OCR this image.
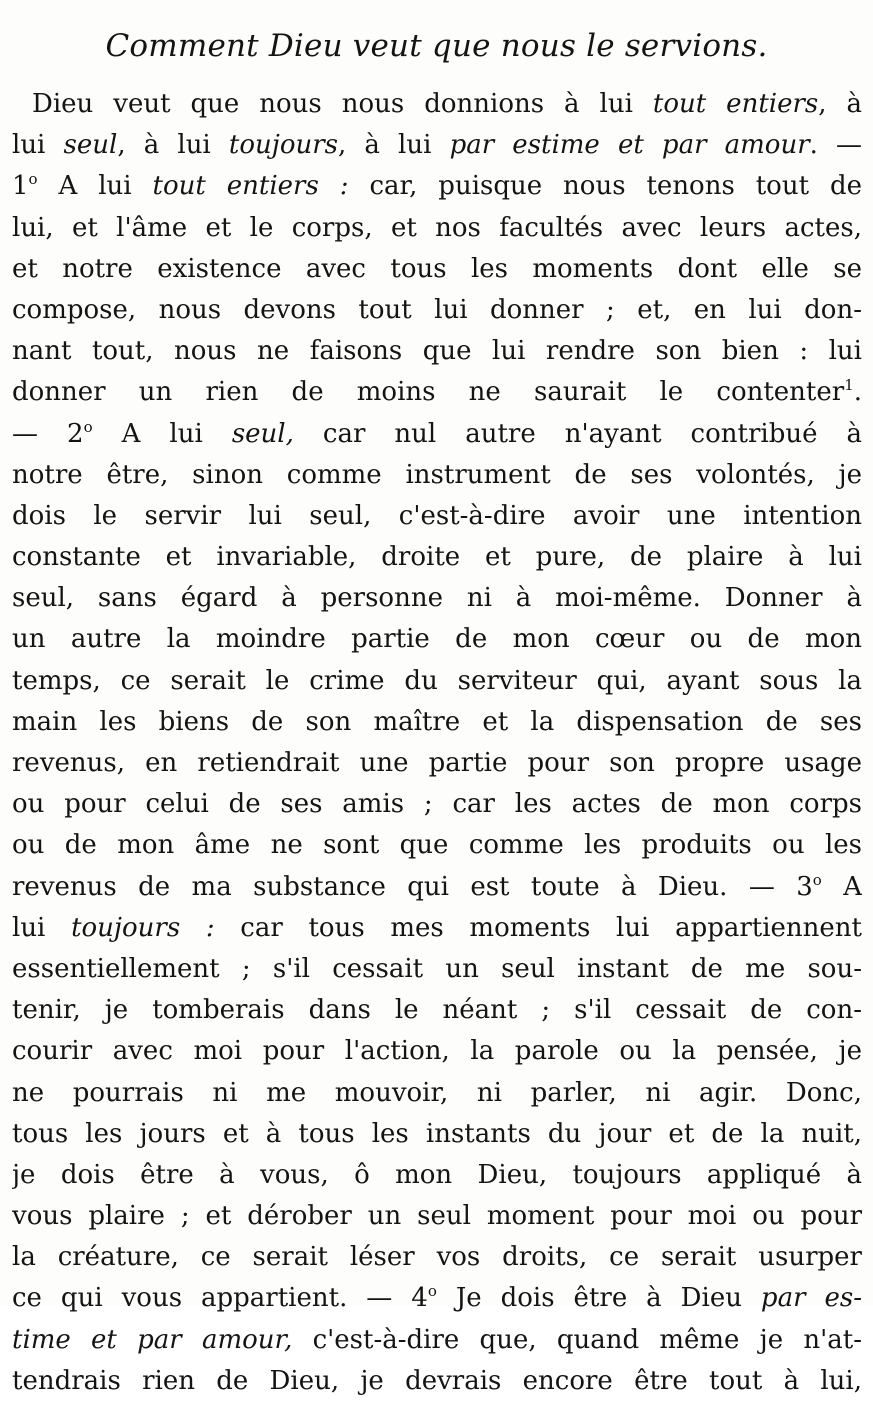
Comment Dieu veut que nous le servions.
Dieu veut que nous nous donnions à lui tout entiers, à
lui seul, à lui toujours, à lui par estime et par amour. —
1$^o$ A lui tout entiers : car, puisque nous tenons tout de
lui, et l'âme et le corps, et nos facultés avec leurs actes,
et notre existence avec tous les moments dont elle se
compose, nous devons tout lui donner ; et, en lui don-
nant tout, nous ne faisons que lui rendre son bien : lui
donner un rien de moins ne saurait le contenter$^1$.
— 2$^o$ A lui seul, car nul autre n'ayant contribué à
notre être, sinon comme instrument de ses volontés, je
dois le servir lui seul, c'est-à-dire avoir une intention
constante et invariable, droite et pure, de plaire à lui
seul, sans égard à personne ni à moi-même. Donner à
un autre la moindre partie de mon cœur ou de mon
temps, ce serait le crime du serviteur qui, ayant sous la
main les biens de son maître et la dispensation de ses
revenus, en retiendrait une partie pour son propre usage
ou pour celui de ses amis ; car les actes de mon corps
ou de mon âme ne sont que comme les produits ou les
revenus de ma substance qui est toute à Dieu. — 3$^o$ A
lui toujours : car tous mes moments lui appartiennent
essentiellement ; s'il cessait un seul instant de me sou-
tenir, je tomberais dans le néant ; s'il cessait de con-
courir avec moi pour l'action, la parole ou la pensée, je
ne pourrais ni me mouvoir, ni parler, ni agir. Donc,
tous les jours et à tous les instants du jour et de la nuit,
je dois être à vous, ô mon Dieu, toujours appliqué à
vous plaire ; et dérober un seul moment pour moi ou pour
la créature, ce serait léser vos droits, ce serait usurper
ce qui vous appartient. — 4$^o$ Je dois être à Dieu par es-
time et par amour, c'est-à-dire que, quand même je n'at-
tendrais rien de Dieu, je devrais encore être tout à lui,
